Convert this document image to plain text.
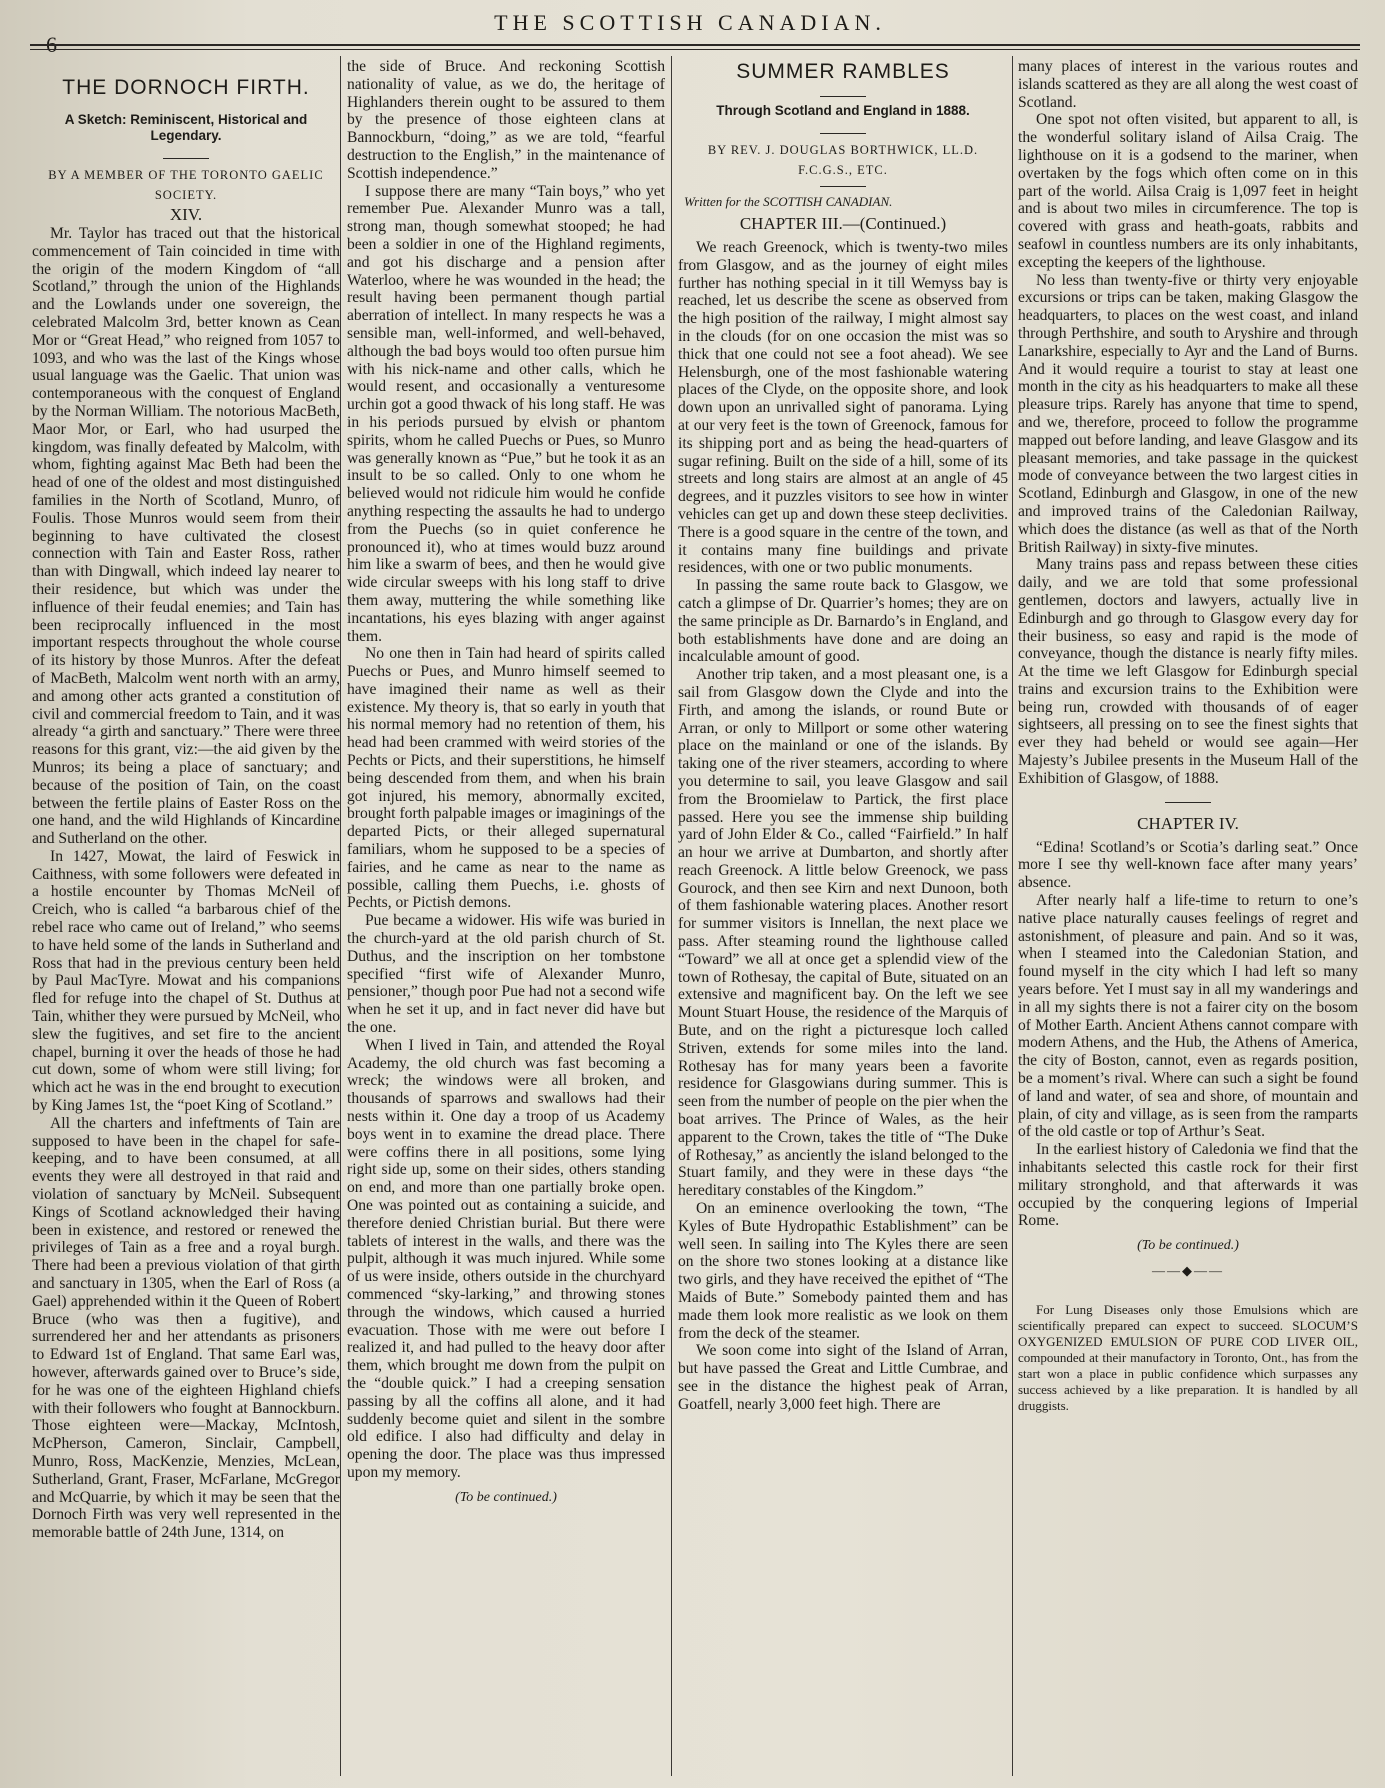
THE SCOTTISH CANADIAN.
6
THE DORNOCH FIRTH.
A Sketch: Reminiscent, Historical and Legendary.
BY A MEMBER OF THE TORONTO GAELIC SOCIETY.
XIV.

Mr. Taylor has traced out that the historical commencement of Tain coincided in time with the origin of the modern Kingdom of “all Scotland,” through the union of the Highlands and the Lowlands under one sovereign, the celebrated Malcolm 3rd, better known as Cean Mor or “Great Head,” who reigned from 1057 to 1093, and who was the last of the Kings whose usual language was the Gaelic. That union was contemporaneous with the conquest of England by the Norman William. The notorious MacBeth, Maor Mor, or Earl, who had usurped the kingdom, was finally defeated by Malcolm, with whom, fighting against Mac Beth had been the head of one of the oldest and most distinguished families in the North of Scotland, Munro, of Foulis. Those Munros would seem from their beginning to have cultivated the closest connection with Tain and Easter Ross, rather than with Dingwall, which indeed lay nearer to their residence, but which was under the influence of their feudal enemies; and Tain has been reciprocally influenced in the most important respects throughout the whole course of its history by those Munros. After the defeat of MacBeth, Malcolm went north with an army, and among other acts granted a constitution of civil and commercial freedom to Tain, and it was already “a girth and sanctuary.” There were three reasons for this grant, viz:—the aid given by the Munros; its being a place of sanctuary; and because of the position of Tain, on the coast between the fertile plains of Easter Ross on the one hand, and the wild Highlands of Kincardine and Sutherland on the other.

In 1427, Mowat, the laird of Feswick in Caithness, with some followers were defeated in a hostile encounter by Thomas McNeil of Creich, who is called “a barbarous chief of the rebel race who came out of Ireland,” who seems to have held some of the lands in Sutherland and Ross that had in the previous century been held by Paul MacTyre. Mowat and his companions fled for refuge into the chapel of St. Duthus at Tain, whither they were pursued by McNeil, who slew the fugitives, and set fire to the ancient chapel, burning it over the heads of those he had cut down, some of whom were still living; for which act he was in the end brought to execution by King James 1st, the “poet King of Scotland.”

All the charters and infeftments of Tain are supposed to have been in the chapel for safe-keeping, and to have been consumed, at all events they were all destroyed in that raid and violation of sanctuary by McNeil. Subsequent Kings of Scotland acknowledged their having been in existence, and restored or renewed the privileges of Tain as a free and a royal burgh. There had been a previous violation of that girth and sanctuary in 1305, when the Earl of Ross (a Gael) apprehended within it the Queen of Robert Bruce (who was then a fugitive), and surrendered her and her attendants as prisoners to Edward 1st of England. That same Earl was, however, afterwards gained over to Bruce’s side, for he was one of the eighteen Highland chiefs with their followers who fought at Bannockburn. Those eighteen were—Mackay, McIntosh, McPherson, Cameron, Sinclair, Campbell, Munro, Ross, MacKenzie, Menzies, McLean, Sutherland, Grant, Fraser, McFarlane, McGregor and McQuarrie, by which it may be seen that the Dornoch Firth was very well represented in the memorable battle of 24th June, 1314, on

the side of Bruce. And reckoning Scottish nationality of value, as we do, the heritage of Highlanders therein ought to be assured to them by the presence of those eighteen clans at Bannockburn, “doing,” as we are told, “fearful destruction to the English,” in the maintenance of Scottish independence.”

I suppose there are many “Tain boys,” who yet remember Pue. Alexander Munro was a tall, strong man, though somewhat stooped; he had been a soldier in one of the Highland regiments, and got his discharge and a pension after Waterloo, where he was wounded in the head; the result having been permanent though partial aberration of intellect. In many respects he was a sensible man, well-informed, and well-behaved, although the bad boys would too often pursue him with his nick-name and other calls, which he would resent, and occasionally a venturesome urchin got a good thwack of his long staff. He was in his periods pursued by elvish or phantom spirits, whom he called Puechs or Pues, so Munro was generally known as “Pue,” but he took it as an insult to be so called. Only to one whom he believed would not ridicule him would he confide anything respecting the assaults he had to undergo from the Puechs (so in quiet conference he pronounced it), who at times would buzz around him like a swarm of bees, and then he would give wide circular sweeps with his long staff to drive them away, muttering the while something like incantations, his eyes blazing with anger against them.

No one then in Tain had heard of spirits called Puechs or Pues, and Munro himself seemed to have imagined their name as well as their existence. My theory is, that so early in youth that his normal memory had no retention of them, his head had been crammed with weird stories of the Pechts or Picts, and their superstitions, he himself being descended from them, and when his brain got injured, his memory, abnormally excited, brought forth palpable images or imaginings of the departed Picts, or their alleged supernatural familiars, whom he supposed to be a species of fairies, and he came as near to the name as possible, calling them Puechs, i.e. ghosts of Pechts, or Pictish demons.

Pue became a widower. His wife was buried in the church-yard at the old parish church of St. Duthus, and the inscription on her tombstone specified “first wife of Alexander Munro, pensioner,” though poor Pue had not a second wife when he set it up, and in fact never did have but the one.

When I lived in Tain, and attended the Royal Academy, the old church was fast becoming a wreck; the windows were all broken, and thousands of sparrows and swallows had their nests within it. One day a troop of us Academy boys went in to examine the dread place. There were coffins there in all positions, some lying right side up, some on their sides, others standing on end, and more than one partially broke open. One was pointed out as containing a suicide, and therefore denied Christian burial. But there were tablets of interest in the walls, and there was the pulpit, although it was much injured. While some of us were inside, others outside in the churchyard commenced “sky-larking,” and throwing stones through the windows, which caused a hurried evacuation. Those with me were out before I realized it, and had pulled to the heavy door after them, which brought me down from the pulpit on the “double quick.” I had a creeping sensation passing by all the coffins all alone, and it had suddenly become quiet and silent in the sombre old edifice. I also had difficulty and delay in opening the door. The place was thus impressed upon my memory.

(To be continued.)
SUMMER RAMBLES
Through Scotland and England in 1888.
BY REV. J. DOUGLAS BORTHWICK, LL.D.
F.C.G.S., ETC.
Written for the SCOTTISH CANADIAN.
CHAPTER III.—(Continued.)

We reach Greenock, which is twenty-two miles from Glasgow, and as the journey of eight miles further has nothing special in it till Wemyss bay is reached, let us describe the scene as observed from the high position of the railway, I might almost say in the clouds (for on one occasion the mist was so thick that one could not see a foot ahead). We see Helensburgh, one of the most fashionable watering places of the Clyde, on the opposite shore, and look down upon an unrivalled sight of panorama. Lying at our very feet is the town of Greenock, famous for its shipping port and as being the head-quarters of sugar refining. Built on the side of a hill, some of its streets and long stairs are almost at an angle of 45 degrees, and it puzzles visitors to see how in winter vehicles can get up and down these steep declivities. There is a good square in the centre of the town, and it contains many fine buildings and private residences, with one or two public monuments.

In passing the same route back to Glasgow, we catch a glimpse of Dr. Quarrier’s homes; they are on the same principle as Dr. Barnardo’s in England, and both establishments have done and are doing an incalculable amount of good.

Another trip taken, and a most pleasant one, is a sail from Glasgow down the Clyde and into the Firth, and among the islands, or round Bute or Arran, or only to Millport or some other watering place on the mainland or one of the islands. By taking one of the river steamers, according to where you determine to sail, you leave Glasgow and sail from the Broomielaw to Partick, the first place passed. Here you see the immense ship building yard of John Elder & Co., called “Fairfield.” In half an hour we arrive at Dumbarton, and shortly after reach Greenock. A little below Greenock, we pass Gourock, and then see Kirn and next Dunoon, both of them fashionable watering places. Another resort for summer visitors is Innellan, the next place we pass. After steaming round the lighthouse called “Toward” we all at once get a splendid view of the town of Rothesay, the capital of Bute, situated on an extensive and magnificent bay. On the left we see Mount Stuart House, the residence of the Marquis of Bute, and on the right a picturesque loch called Striven, extends for some miles into the land. Rothesay has for many years been a favorite residence for Glasgowians during summer. This is seen from the number of people on the pier when the boat arrives. The Prince of Wales, as the heir apparent to the Crown, takes the title of “The Duke of Rothesay,” as anciently the island belonged to the Stuart family, and they were in these days “the hereditary constables of the Kingdom.”

On an eminence overlooking the town, “The Kyles of Bute Hydropathic Establishment” can be well seen. In sailing into The Kyles there are seen on the shore two stones looking at a distance like two girls, and they have received the epithet of “The Maids of Bute.” Somebody painted them and has made them look more realistic as we look on them from the deck of the steamer.

We soon come into sight of the Island of Arran, but have passed the Great and Little Cumbrae, and see in the distance the highest peak of Arran, Goatfell, nearly 3,000 feet high. There are

many places of interest in the various routes and islands scattered as they are all along the west coast of Scotland.

One spot not often visited, but apparent to all, is the wonderful solitary island of Ailsa Craig. The lighthouse on it is a godsend to the mariner, when overtaken by the fogs which often come on in this part of the world. Ailsa Craig is 1,097 feet in height and is about two miles in circumference. The top is covered with grass and heath-goats, rabbits and seafowl in countless numbers are its only inhabitants, excepting the keepers of the lighthouse.

No less than twenty-five or thirty very enjoyable excursions or trips can be taken, making Glasgow the headquarters, to places on the west coast, and inland through Perthshire, and south to Aryshire and through Lanarkshire, especially to Ayr and the Land of Burns. And it would require a tourist to stay at least one month in the city as his headquarters to make all these pleasure trips. Rarely has anyone that time to spend, and we, therefore, proceed to follow the programme mapped out before landing, and leave Glasgow and its pleasant memories, and take passage in the quickest mode of conveyance between the two largest cities in Scotland, Edinburgh and Glasgow, in one of the new and improved trains of the Caledonian Railway, which does the distance (as well as that of the North British Railway) in sixty-five minutes.

Many trains pass and repass between these cities daily, and we are told that some professional gentlemen, doctors and lawyers, actually live in Edinburgh and go through to Glasgow every day for their business, so easy and rapid is the mode of conveyance, though the distance is nearly fifty miles. At the time we left Glasgow for Edinburgh special trains and excursion trains to the Exhibition were being run, crowded with thousands of of eager sightseers, all pressing on to see the finest sights that ever they had beheld or would see again—Her Majesty’s Jubilee presents in the Museum Hall of the Exhibition of Glasgow, of 1888.

CHAPTER IV.

“Edina! Scotland’s or Scotia’s darling seat.” Once more I see thy well-known face after many years’ absence.

After nearly half a life-time to return to one’s native place naturally causes feelings of regret and astonishment, of pleasure and pain. And so it was, when I steamed into the Caledonian Station, and found myself in the city which I had left so many years before. Yet I must say in all my wanderings and in all my sights there is not a fairer city on the bosom of Mother Earth. Ancient Athens cannot compare with modern Athens, and the Hub, the Athens of America, the city of Boston, cannot, even as regards position, be a moment’s rival. Where can such a sight be found of land and water, of sea and shore, of mountain and plain, of city and village, as is seen from the ramparts of the old castle or top of Arthur’s Seat.

In the earliest history of Caledonia we find that the inhabitants selected this castle rock for their first military stronghold, and that afterwards it was occupied by the conquering legions of Imperial Rome.

(To be continued.)
——◆——

For Lung Diseases only those Emulsions which are scientifically prepared can expect to succeed. SLOCUM’S OXYGENIZED EMULSION OF PURE COD LIVER OIL, compounded at their manufactory in Toronto, Ont., has from the start won a place in public confidence which surpasses any success achieved by a like preparation. It is handled by all druggists.
